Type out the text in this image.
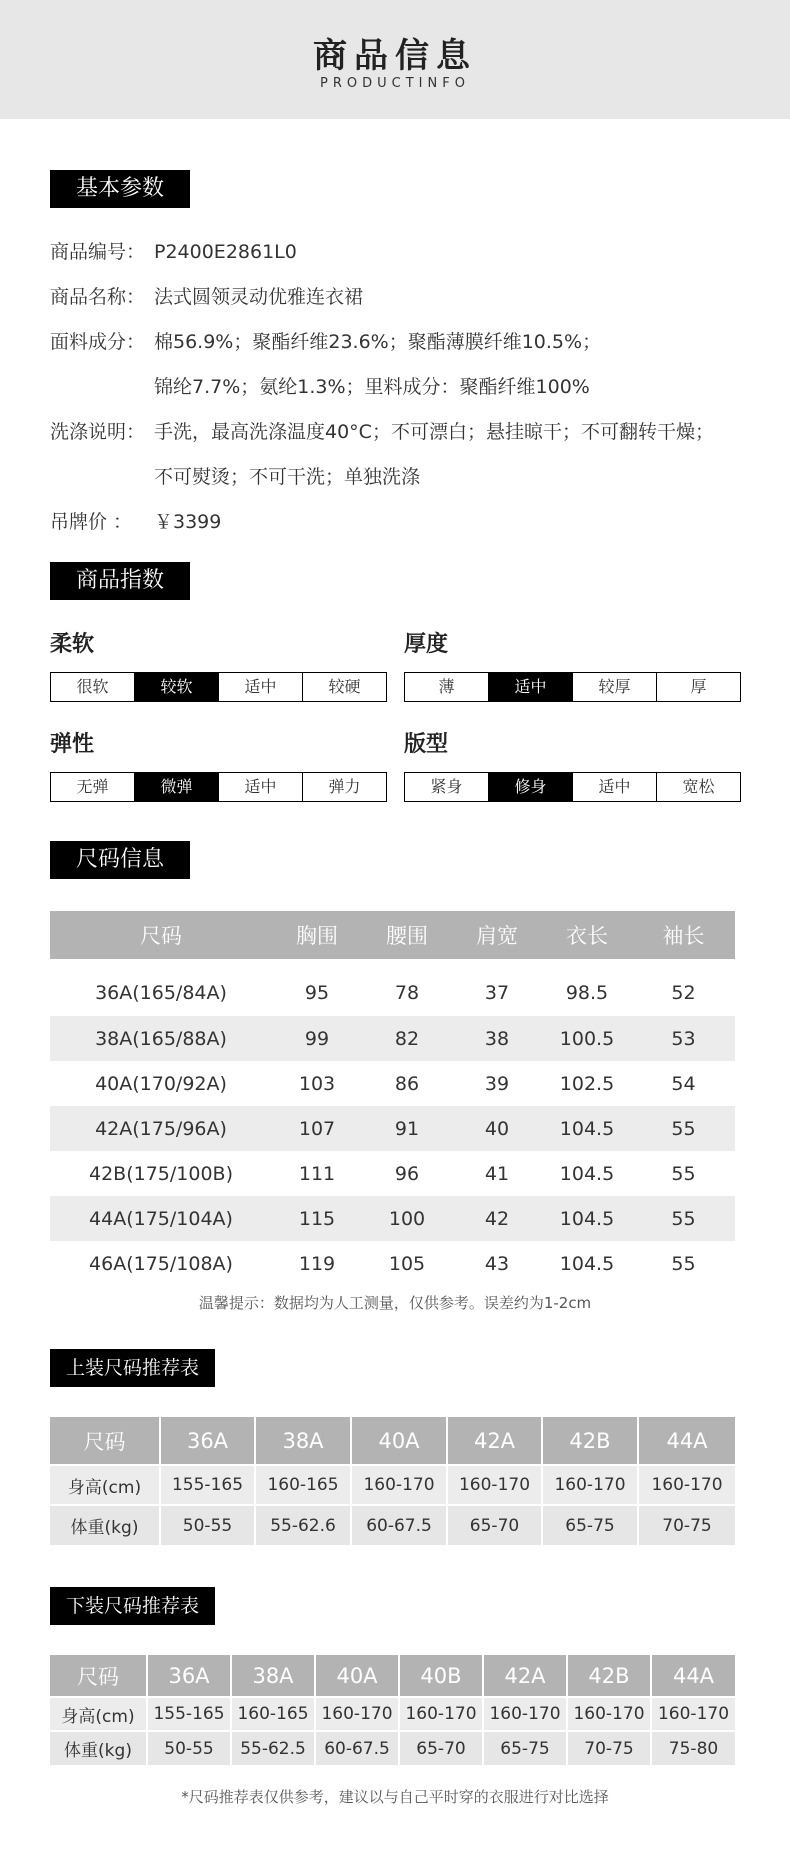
商品信息
PRODUCTINFO
基本参数
商品编号： P2400E2861L0
商品名称： 法式圆领灵动优雅连衣裙
面料成分： 棉56.9%；聚酯纤维23.6%；聚酯薄膜纤维10.5%；
锦纶7.7%；氨纶1.3%；里料成分：聚酯纤维100%
洗涤说明： 手洗，最高洗涤温度40°C；不可漂白；悬挂晾干；不可翻转干燥；
不可熨烫；不可干洗；单独洗涤
吊牌价 ： ￥3399
商品指数
柔软
很软	较软	适中	较硬
厚度
薄	适中	较厚	厚
弹性
无弹	微弹	适中	弹力
版型
紧身	修身	适中	宽松
尺码信息
尺码	胸围	腰围	肩宽	衣长	袖长
36A(165/84A)	95	78	37	98.5	52
38A(165/88A)	99	82	38	100.5	53
40A(170/92A)	103	86	39	102.5	54
42A(175/96A)	107	91	40	104.5	55
42B(175/100B)	111	96	41	104.5	55
44A(175/104A)	115	100	42	104.5	55
46A(175/108A)	119	105	43	104.5	55
温馨提示：数据均为人工测量，仅供参考。误差约为1-2cm
上装尺码推荐表
尺码	36A	38A	40A	42A	42B	44A
身高(cm)	155-165	160-165	160-170	160-170	160-170	160-170
体重(kg)	50-55	55-62.6	60-67.5	65-70	65-75	70-75
下装尺码推荐表
尺码	36A	38A	40A	40B	42A	42B	44A
身高(cm)	155-165	160-165	160-170	160-170	160-170	160-170	160-170
体重(kg)	50-55	55-62.5	60-67.5	65-70	65-75	70-75	75-80
*尺码推荐表仅供参考，建议以与自己平时穿的衣服进行对比选择
